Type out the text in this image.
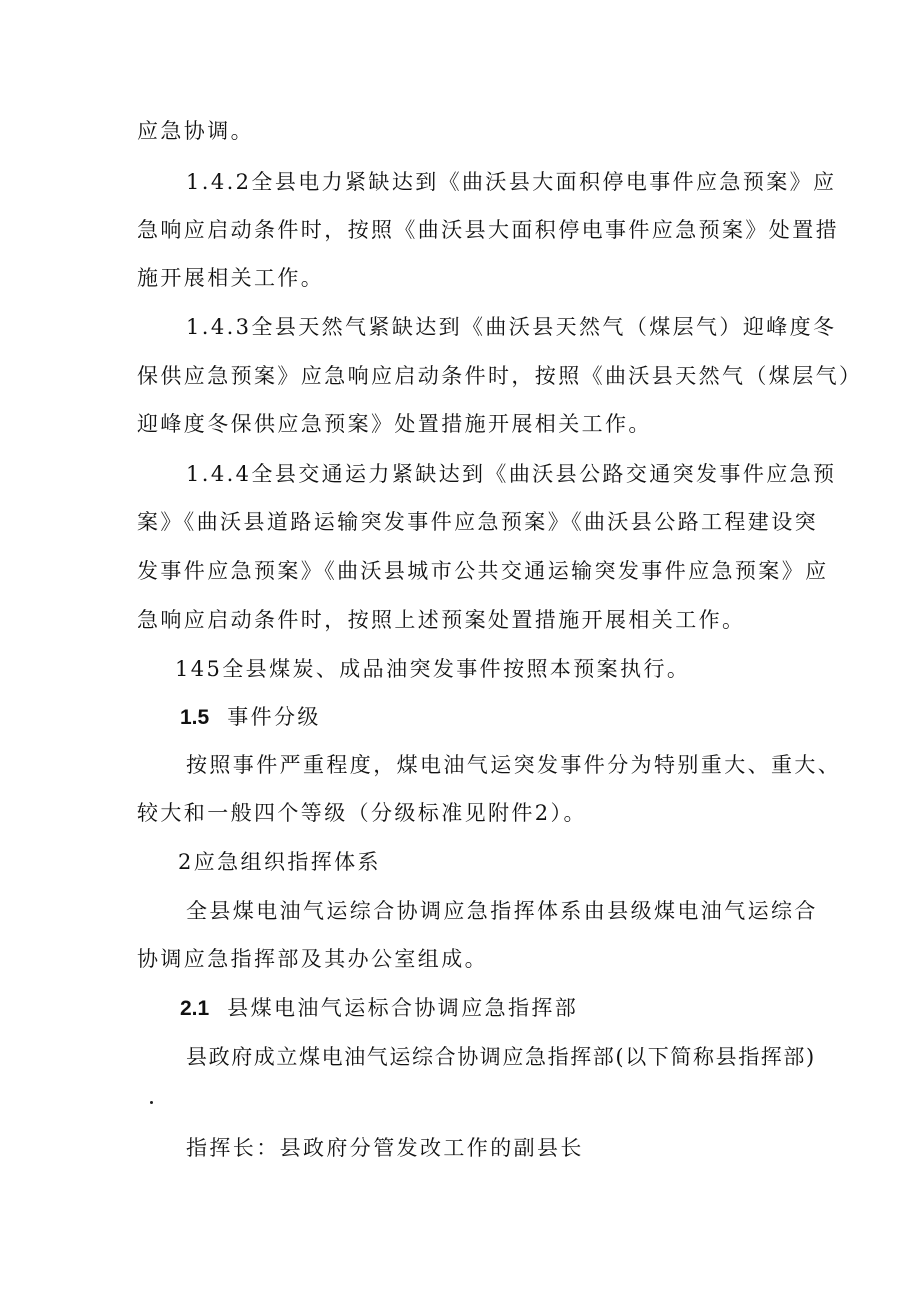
应急协调。
1.4.2全县电力紧缺达到《曲沃县大面积停电事件应急预案》应
急响应启动条件时，按照《曲沃县大面积停电事件应急预案》处置措
施开展相关工作。
1.4.3全县天然气紧缺达到《曲沃县天然气（煤层气）迎峰度冬
保供应急预案》应急响应启动条件时，按照《曲沃县天然气（煤层气）
迎峰度冬保供应急预案》处置措施开展相关工作。
1.4.4全县交通运力紧缺达到《曲沃县公路交通突发事件应急预
案》《曲沃县道路运输突发事件应急预案》《曲沃县公路工程建设突
发事件应急预案》《曲沃县城市公共交通运输突发事件应急预案》应
急响应启动条件时，按照上述预案处置措施开展相关工作。
145全县煤炭、成品油突发事件按照本预案执行。
1.5 事件分级
按照事件严重程度，煤电油气运突发事件分为特别重大、重大、
较大和一般四个等级（分级标准见附件2）。
2应急组织指挥体系
全县煤电油气运综合协调应急指挥体系由县级煤电油气运综合
协调应急指挥部及其办公室组成。
2.1 县煤电油气运标合协调应急指挥部
县政府成立煤电油气运综合协调应急指挥部(以下简称县指挥部)
指挥长：县政府分管发改工作的副县长
